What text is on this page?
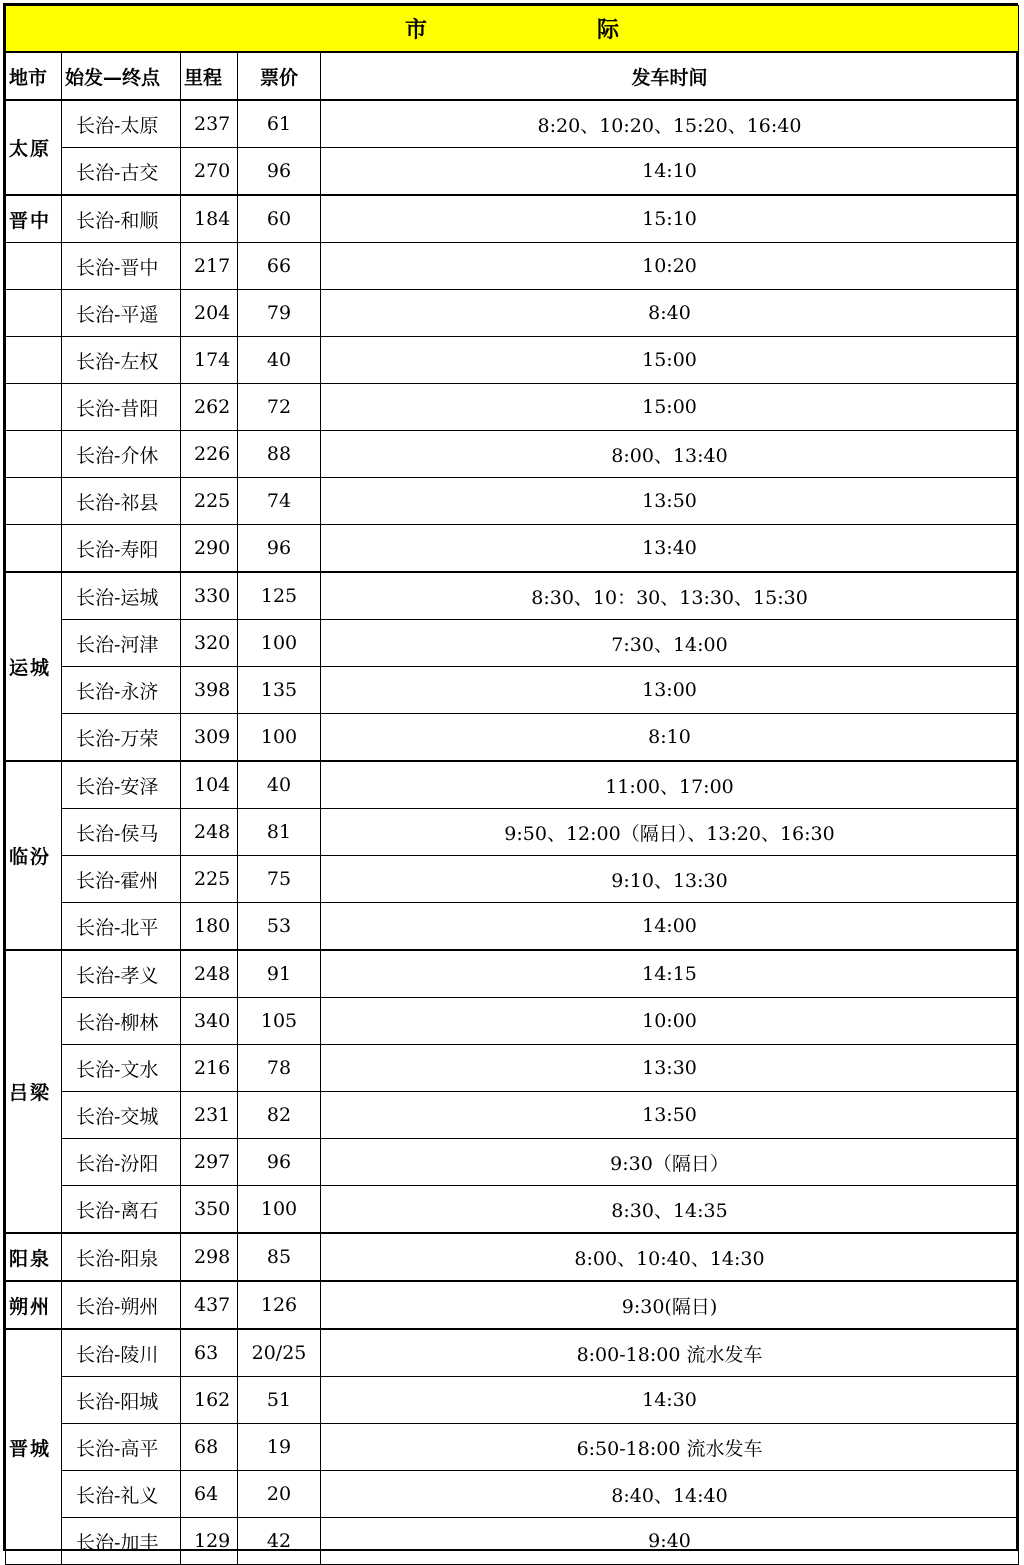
市 际				
地市	始发—终点	里程	票价	发车时间
太原	长治-太原	237	61	8:20、10:20、15:20、16:40
	长治-古交	270	96	14:10
晋中	长治-和顺	184	60	15:10
	长治-晋中	217	66	10:20
	长治-平遥	204	79	8:40
	长治-左权	174	40	15:00
	长治-昔阳	262	72	15:00
	长治-介休	226	88	8:00、13:40
	长治-祁县	225	74	13:50
	长治-寿阳	290	96	13:40
运城	长治-运城	330	125	8:30、10：30、13:30、15:30
	长治-河津	320	100	7:30、14:00
	长治-永济	398	135	13:00
	长治-万荣	309	100	8:10
临汾	长治-安泽	104	40	11:00、17:00
	长治-侯马	248	81	9:50、12:00（隔日）、13:20、16:30
	长治-霍州	225	75	9:10、13:30
	长治-北平	180	53	14:00
吕梁	长治-孝义	248	91	14:15
	长治-柳林	340	105	10:00
	长治-文水	216	78	13:30
	长治-交城	231	82	13:50
	长治-汾阳	297	96	9:30（隔日）
	长治-离石	350	100	8:30、14:35
阳泉	长治-阳泉	298	85	8:00、10:40、14:30
朔州	长治-朔州	437	126	9:30(隔日)
晋城	长治-陵川	63	20/25	8:00-18:00 流水发车
	长治-阳城	162	51	14:30
	长治-高平	68	19	6:50-18:00 流水发车
	长治-礼义	64	20	8:40、14:40
	长治-加丰	129	42	9:40
